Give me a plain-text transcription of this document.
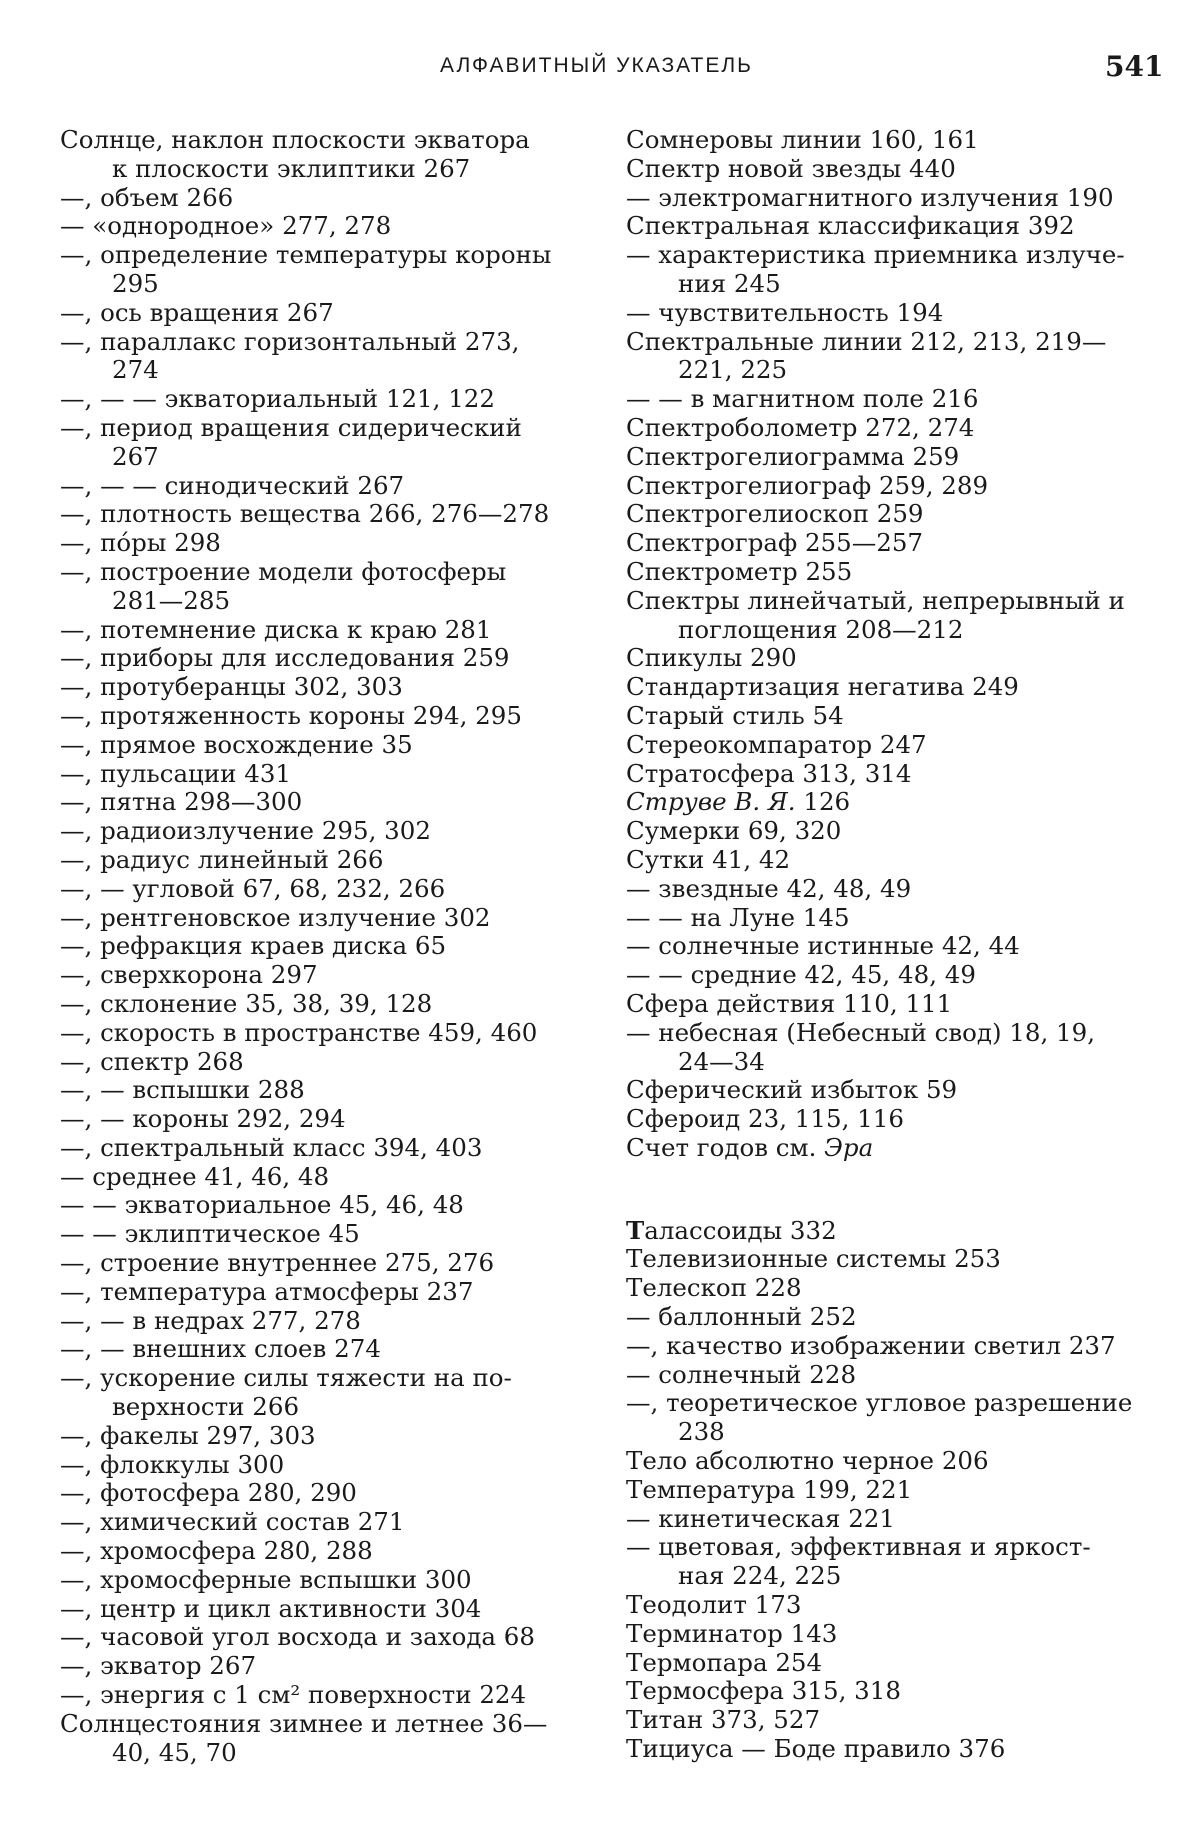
АЛФАВИТНЫЙ УКАЗАТЕЛЬ	541
Солнце, наклон плоскости экватора
к плоскости эклиптики 267
—, объем 266
— «однородное» 277, 278
—, определение температуры короны
295
—, ось вращения 267
—, параллакс горизонтальный 273,
274
—, — — экваториальный 121, 122
—, период вращения сидерический
267
—, — — синодический 267
—, плотность вещества 266, 276—278
—, пóры 298
—, построение модели фотосферы
281—285
—, потемнение диска к краю 281
—, приборы для исследования 259
—, протуберанцы 302, 303
—, протяженность короны 294, 295
—, прямое восхождение 35
—, пульсации 431
—, пятна 298—300
—, радиоизлучение 295, 302
—, радиус линейный 266
—, — угловой 67, 68, 232, 266
—, рентгеновское излучение 302
—, рефракция краев диска 65
—, сверхкорона 297
—, склонение 35, 38, 39, 128
—, скорость в пространстве 459, 460
—, спектр 268
—, — вспышки 288
—, — короны 292, 294
—, спектральный класс 394, 403
— среднее 41, 46, 48
— — экваториальное 45, 46, 48
— — эклиптическое 45
—, строение внутреннее 275, 276
—, температура атмосферы 237
—, — в недрах 277, 278
—, — внешних слоев 274
—, ускорение силы тяжести на по-
верхности 266
—, факелы 297, 303
—, флоккулы 300
—, фотосфера 280, 290
—, химический состав 271
—, хромосфера 280, 288
—, хромосферные вспышки 300
—, центр и цикл активности 304
—, часовой угол восхода и захода 68
—, экватор 267
—, энергия с 1 см² поверхности 224
Солнцестояния зимнее и летнее 36—
40, 45, 70
Сомнеровы линии 160, 161
Спектр новой звезды 440
— электромагнитного излучения 190
Спектральная классификация 392
— характеристика приемника излуче-
ния 245
— чувствительность 194
Спектральные линии 212, 213, 219—
221, 225
— — в магнитном поле 216
Спектроболометр 272, 274
Спектрогелиограмма 259
Спектрогелиограф 259, 289
Спектрогелиоскоп 259
Спектрограф 255—257
Спектрометр 255
Спектры линейчатый, непрерывный и
поглощения 208—212
Спикулы 290
Стандартизация негатива 249
Старый стиль 54
Стереокомпаратор 247
Стратосфера 313, 314
Струве В. Я. 126
Сумерки 69, 320
Сутки 41, 42
— звездные 42, 48, 49
— — на Луне 145
— солнечные истинные 42, 44
— — средние 42, 45, 48, 49
Сфера действия 110, 111
— небесная (Небесный свод) 18, 19,
24—34
Сферический избыток 59
Сфероид 23, 115, 116
Счет годов см. Эра
Талассоиды 332
Телевизионные системы 253
Телескоп 228
— баллонный 252
—, качество изображении светил 237
— солнечный 228
—, теоретическое угловое разрешение
238
Тело абсолютно черное 206
Температура 199, 221
— кинетическая 221
— цветовая, эффективная и яркост-
ная 224, 225
Теодолит 173
Терминатор 143
Термопара 254
Термосфера 315, 318
Титан 373, 527
Тициуса — Боде правило 376
